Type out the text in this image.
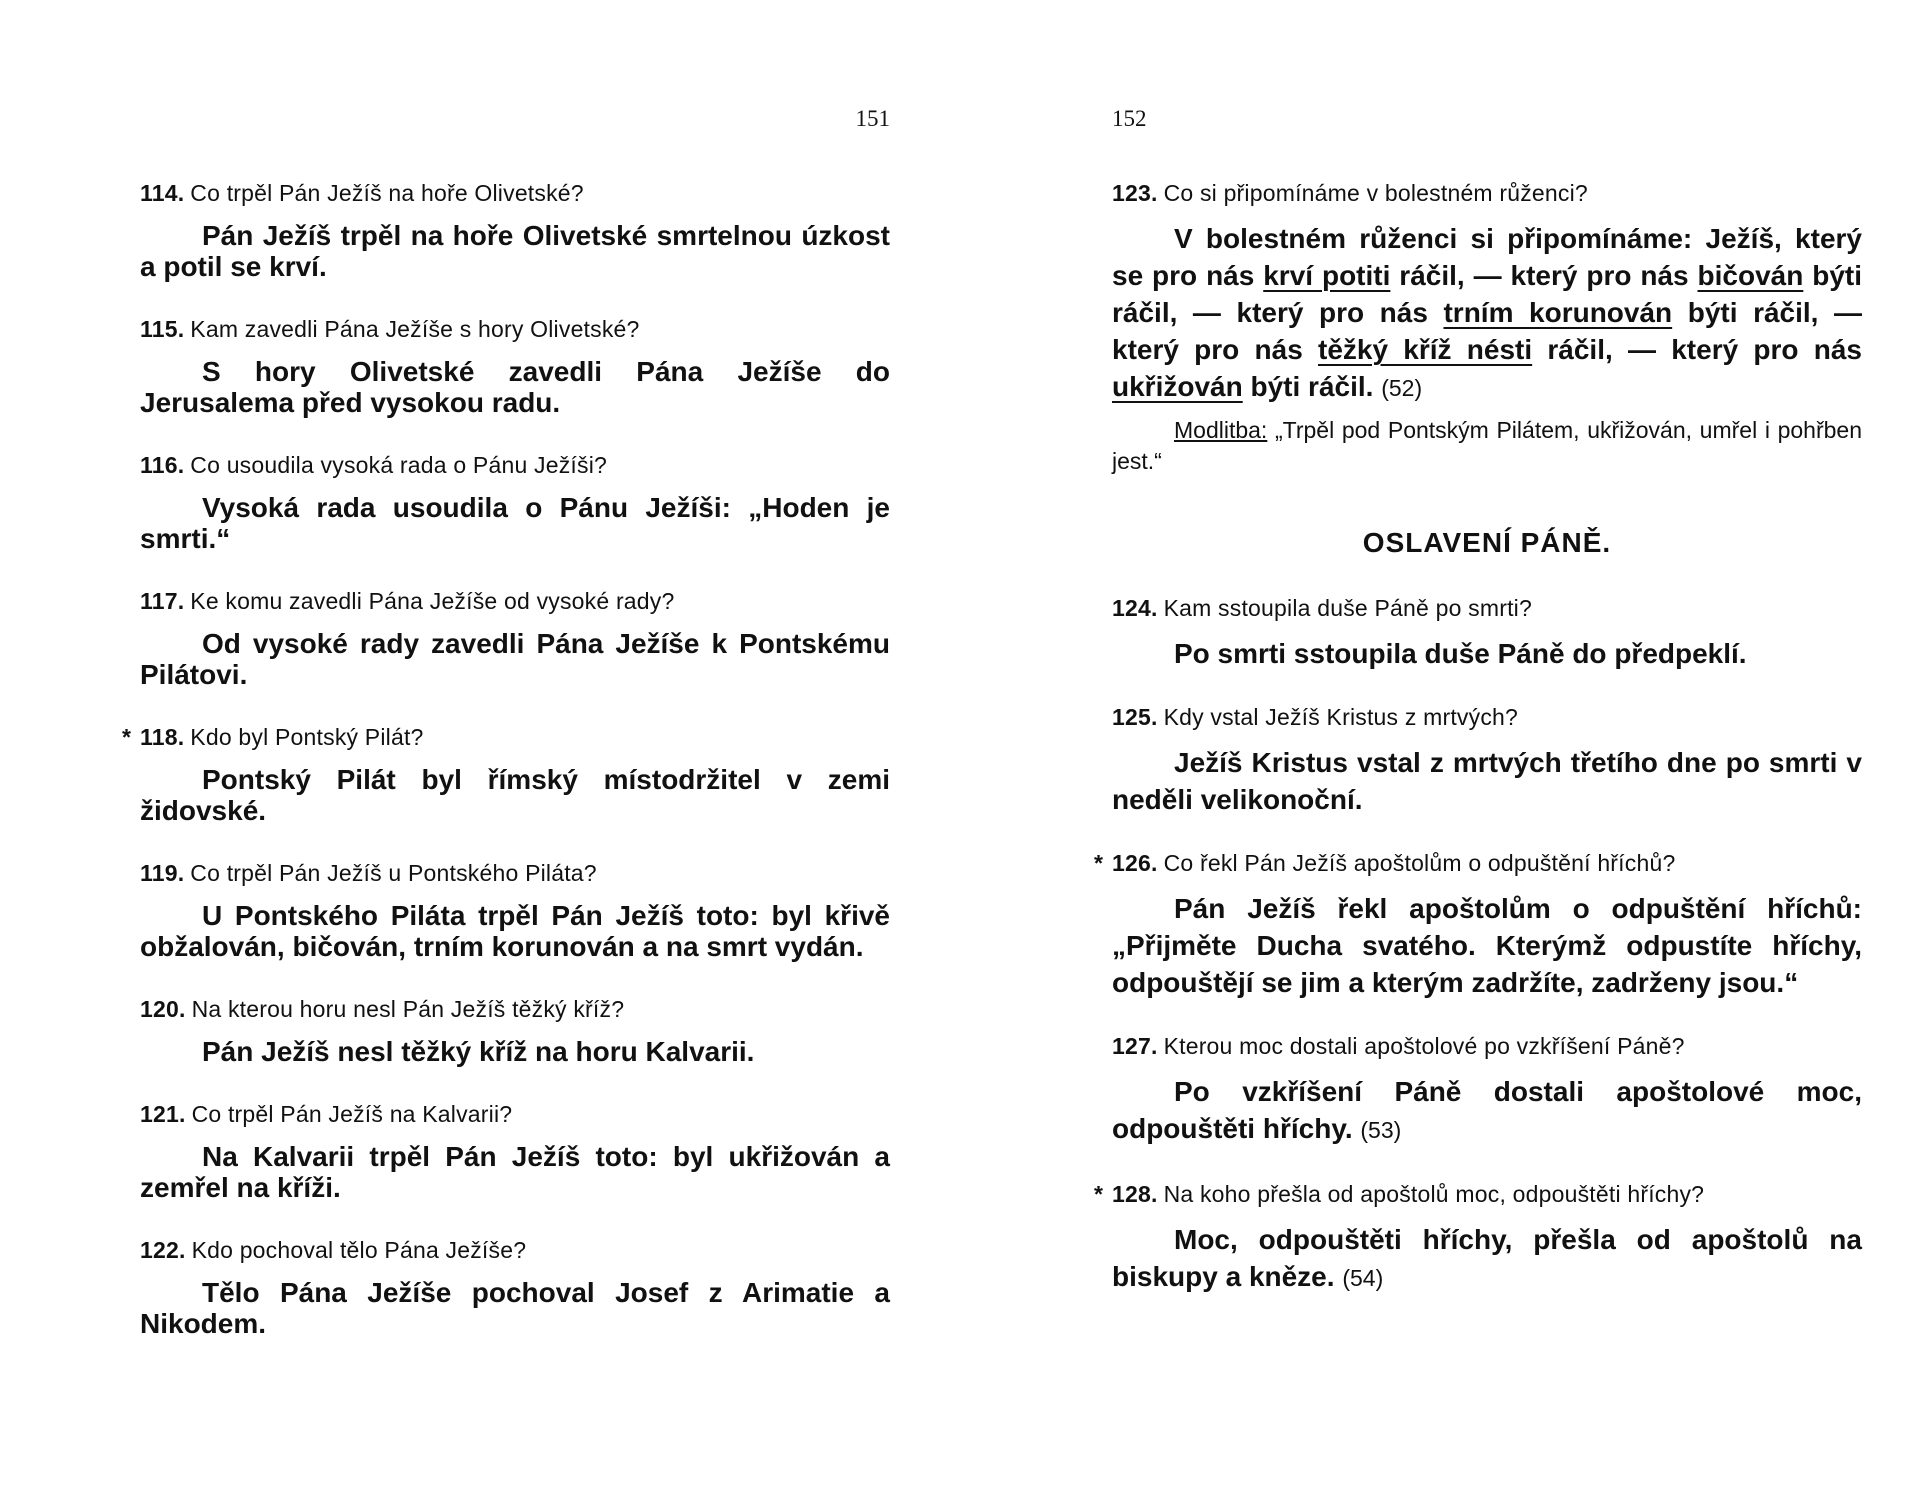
151

114. Co trpěl Pán Ježíš na hoře Olivetské?

Pán Ježíš trpěl na hoře Olivetské smrtelnou úzkost a potil se krví.

115. Kam zavedli Pána Ježíše s hory Olivetské?

S hory Olivetské zavedli Pána Ježíše do Jerusalema před vysokou radu.

116. Co usoudila vysoká rada o Pánu Ježíši?

Vysoká rada usoudila o Pánu Ježíši: „Hoden je smrti.“

117. Ke komu zavedli Pána Ježíše od vysoké rady?

Od vysoké rady zavedli Pána Ježíše k Pontskému Pilátovi.

* 118. Kdo byl Pontský Pilát?

Pontský Pilát byl římský místodržitel v zemi židovské.

119. Co trpěl Pán Ježíš u Pontského Piláta?

U Pontského Piláta trpěl Pán Ježíš toto: byl křivě obžalován, bičován, trním korunován a na smrt vydán.

120. Na kterou horu nesl Pán Ježíš těžký kříž?

Pán Ježíš nesl těžký kříž na horu Kalvarii.

121. Co trpěl Pán Ježíš na Kalvarii?

Na Kalvarii trpěl Pán Ježíš toto: byl ukřižován a zemřel na kříži.

122. Kdo pochoval tělo Pána Ježíše?

Tělo Pána Ježíše pochoval Josef z Arimatie a Nikodem.

152

123. Co si připomínáme v bolestném růženci?

V bolestném růženci si připomínáme: Ježíš, který se pro nás krví potiti ráčil, — který pro nás bičován býti ráčil, — který pro nás trním korunován býti ráčil, — který pro nás těžký kříž nésti ráčil, — který pro nás ukřižován býti ráčil. (52)

Modlitba: „Trpěl pod Pontským Pilátem, ukřižován, umřel i pohřben jest.“

OSLAVENÍ PÁNĚ.

124. Kam sstoupila duše Páně po smrti?

Po smrti sstoupila duše Páně do předpeklí.

125. Kdy vstal Ježíš Kristus z mrtvých?

Ježíš Kristus vstal z mrtvých třetího dne po smrti v neděli velikonoční.

* 126. Co řekl Pán Ježíš apoštolům o odpuštění hříchů?

Pán Ježíš řekl apoštolům o odpuštění hříchů: „Přijměte Ducha svatého. Kterýmž odpustíte hříchy, odpouštějí se jim a kterým zadržíte, zadrženy jsou.“

127. Kterou moc dostali apoštolové po vzkříšení Páně?

Po vzkříšení Páně dostali apoštolové moc, odpouštěti hříchy. (53)

* 128. Na koho přešla od apoštolů moc, odpouštěti hříchy?

Moc, odpouštěti hříchy, přešla od apoštolů na biskupy a kněze. (54)
